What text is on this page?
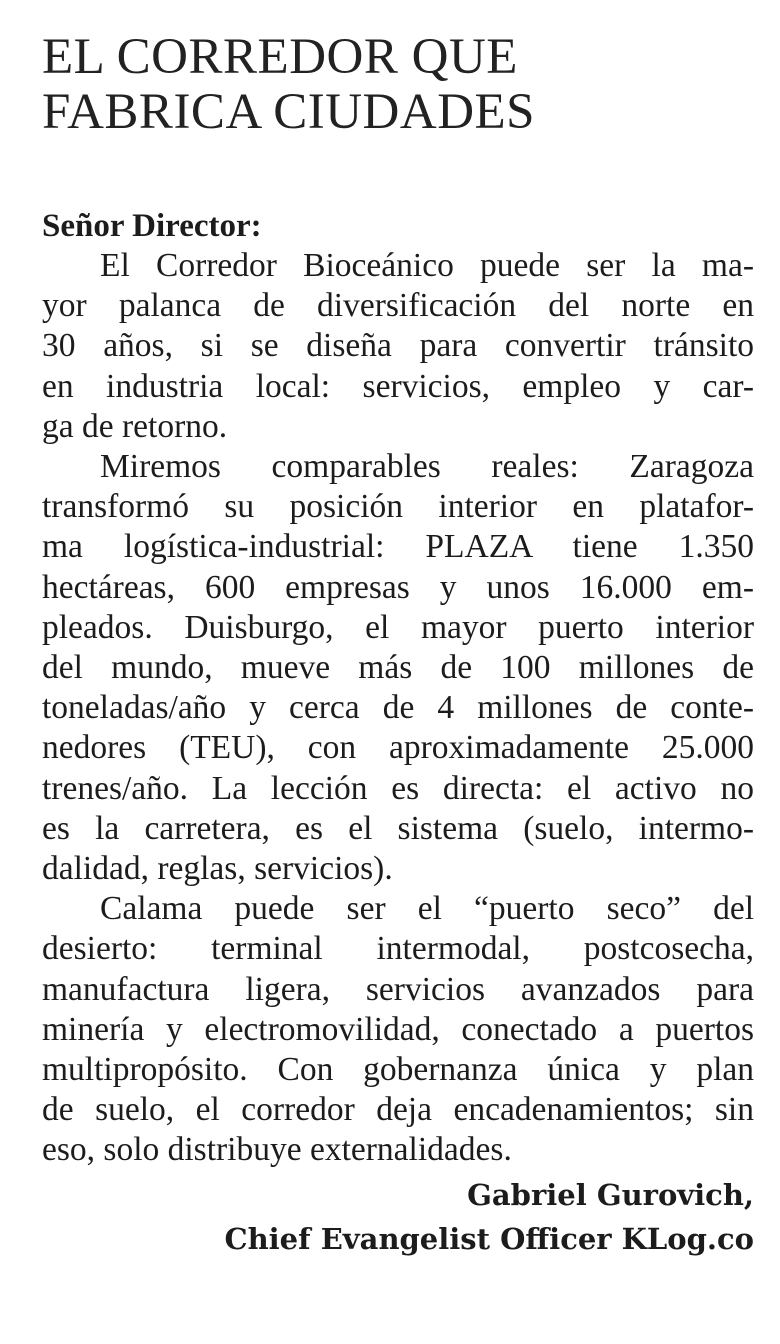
EL CORREDOR QUE
FABRICA CIUDADES
Señor Director:
El Corredor Bioceánico puede ser la ma-
yor palanca de diversificación del norte en
30 años, si se diseña para convertir tránsito
en industria local: servicios, empleo y car-
ga de retorno.
Miremos comparables reales: Zaragoza
transformó su posición interior en platafor-
ma logística-industrial: PLAZA tiene 1.350
hectáreas, 600 empresas y unos 16.000 em-
pleados. Duisburgo, el mayor puerto interior
del mundo, mueve más de 100 millones de
toneladas/año y cerca de 4 millones de conte-
nedores (TEU), con aproximadamente 25.000
trenes/año. La lección es directa: el activo no
es la carretera, es el sistema (suelo, intermo-
dalidad, reglas, servicios).
Calama puede ser el “puerto seco” del
desierto: terminal intermodal, postcosecha,
manufactura ligera, servicios avanzados para
minería y electromovilidad, conectado a puertos
multipropósito. Con gobernanza única y plan
de suelo, el corredor deja encadenamientos; sin
eso, solo distribuye externalidades.
Gabriel Gurovich,
Chief Evangelist Officer KLog.co
